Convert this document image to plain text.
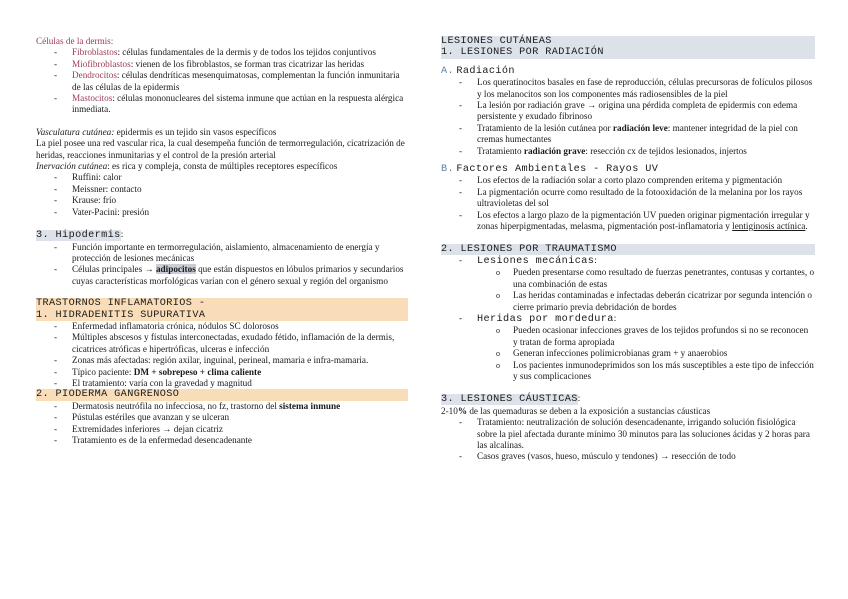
Células de la dermis:

- Fibroblastos: células fundamentales de la dermis y de todos los tejidos conjuntivos
- Miofibroblastos: vienen de los fibroblastos, se forman tras cicatrizar las heridas
- Dendrocitos: células dendríticas mesenquimatosas, complementan la función inmunitaria de las células de la epidermis
- Mastocitos: células mononucleares del sistema inmune que actúan en la respuesta alérgica inmediata.

Vasculatura cutánea: epidermis es un tejido sin vasos específicos

La piel posee una red vascular rica, la cual desempeña función de termorregulación, cicatrización de heridas, reacciones inmunitarias y el control de la presión arterial

Inervación cutánea: es rica y compleja, consta de múltiples receptores específicos

- Ruffini: calor
- Meissner: contacto
- Krause: frío
- Vater-Pacini: presión

3. Hipodermis:

- Función importante en termorregulación, aislamiento, almacenamiento de energía y protección de lesiones mecánicas
- Células principales → adipocitos que están dispuestos en lóbulos primarios y secundarios cuyas características morfológicas varían con el género sexual y región del organismo
TRASTORNOS INFLAMATORIOS -
1. HIDRADENITIS SUPURATIVA
- Enfermedad inflamatoria crónica, nódulos SC dolorosos
- Múltiples abscesos y fístulas interconectadas, exudado fétido, inflamación de la dermis, cicatrices atróficas e hipertróficas, ulceras e infección
- Zonas más afectadas: región axilar, inguinal, perineal, mamaria e infra-mamaria.
- Típico paciente: DM + sobrepeso + clima caliente
- El tratamiento: varía con la gravedad y magnitud
2. PIODERMA GANGRENOSO
- Dermatosis neutrófila no infecciosa, no fz, trastorno del sistema inmune
- Pústulas estériles que avanzan y se ulceran
- Extremidades inferiores → dejan cicatriz
- Tratamiento es de la enfermedad desencadenante
LESIONES CUTÁNEAS
1. LESIONES POR RADIACIÓN

A. Radiación

- Los queratinocitos basales en fase de reproducción, células precursoras de folículos pilosos y los melanocitos son los componentes más radiosensibles de la piel
- La lesión por radiación grave → origina una pérdida completa de epidermis con edema persistente y exudado fibrinoso
- Tratamiento de la lesión cutánea por radiación leve: mantener integridad de la piel con cremas humectantes
- Tratamiento radiación grave: resección cx de tejidos lesionados, injertos

B. Factores Ambientales - Rayos UV

- Los efectos de la radiación solar a corto plazo comprenden eritema y pigmentación
- La pigmentación ocurre como resultado de la fotooxidación de la melanina por los rayos ultravioletas del sol
- Los efectos a largo plazo de la pigmentación UV pueden originar pigmentación irregular y zonas hiperpigmentadas, melasma, pigmentación post-inflamatoria y lentiginosis actínica.
2. LESIONES POR TRAUMATISMO
- Lesiones mecánicas:
o Pueden presentarse como resultado de fuerzas penetrantes, contusas y cortantes, o una combinación de estas
o Las heridas contaminadas e infectadas deberán cicatrizar por segunda intención o cierre primario previa debridación de bordes
- Heridas por mordedura:
o Pueden ocasionar infecciones graves de los tejidos profundos si no se reconocen y tratan de forma apropiada
o Generan infecciones polimicrobianas gram + y anaerobios
o Los pacientes inmunodeprimidos son los más susceptibles a este tipo de infección y sus complicaciones

3. LESIONES CÁUSTICAS:

2-10% de las quemaduras se deben a la exposición a sustancias cáusticas

- Tratamiento: neutralización de solución desencadenante, irrigando solución fisiológica sobre la piel afectada durante mínimo 30 minutos para las soluciones ácidas y 2 horas para las alcalinas.
- Casos graves (vasos, hueso, músculo y tendones) → resección de todo
